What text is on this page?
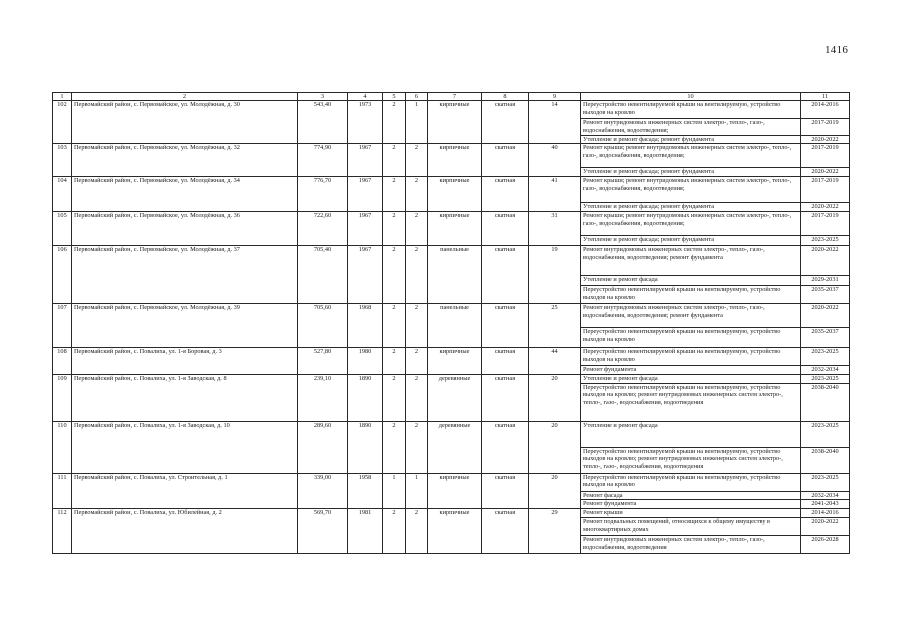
1416
1	2	3	4	5	6	7	8	9	10	11
102	Первомайский район, с. Первомайское, ул. Молодёжная, д. 30	543,40	1973	2	1	кирпичные	скатная	14	Переустройство невентилируемой крыши на вентилируемую, устройство выходов на кровлю	2014-2016
									Ремонт внутридомовых инженерных систем электро-, тепло-, газо-, водоснабжения, водоотведения;	2017-2019
									Утепление и ремонт фасада; ремонт фундамента	2020-2022
103	Первомайский район, с. Первомайское, ул. Молодёжная, д. 32	774,90	1967	2	2	кирпичные	скатная	40	Ремонт крыши; ремонт внутридомовых инженерных систем электро-, тепло-, газо-, водоснабжения, водоотведения;	2017-2019
									Утепление и ремонт фасада; ремонт фундамента	2020-2022
104	Первомайский район, с. Первомайское, ул. Молодёжная, д. 34	776,70	1967	2	2	кирпичные	скатная	41	Ремонт крыши; ремонт внутридомовых инженерных систем электро-, тепло-, газо-, водоснабжения, водоотведения;	2017-2019
									Утепление и ремонт фасада; ремонт фундамента	2020-2022
105	Первомайский район, с. Первомайское, ул. Молодёжная, д. 36	722,60	1967	2	2	кирпичные	скатная	31	Ремонт крыши; ремонт внутридомовых инженерных систем электро-, тепло-, газо-, водоснабжения, водоотведения;	2017-2019
									Утепление и ремонт фасада; ремонт фундамента	2023-2025
106	Первомайский район, с. Первомайское, ул. Молодёжная, д. 37	705,40	1967	2	2	панельные	скатная	19	Ремонт внутридомовых инженерных систем электро-, тепло-, газо-, водоснабжения, водоотведения; ремонт фундамента	2020-2022
									Утепление и ремонт фасада	2029-2031
									Переустройство невентилируемой крыши на вентилируемую, устройство выходов на кровлю	2035-2037
107	Первомайский район, с. Первомайское, ул. Молодёжная, д. 39	705,60	1968	2	2	панельные	скатная	25	Ремонт внутридомовых инженерных систем электро-, тепло-, газо-, водоснабжения, водоотведения; ремонт фундамента	2020-2022
									Переустройство невентилируемой крыши на вентилируемую, устройство выходов на кровлю	2035-2037
108	Первомайский район, с. Повалиха, ул. 1-я Боровая, д. 3	527,80	1980	2	2	кирпичные	скатная	44	Переустройство невентилируемой крыши на вентилируемую, устройство выходов на кровлю	2023-2025
									Ремонт фундамента	2032-2034
109	Первомайский район, с. Повалиха, ул. 1-я Заводская, д. 8	239,10	1890	2	2	деревянные	скатная	20	Утепление и ремонт фасада	2023-2025
									Переустройство невентилируемой крыши на вентилируемую, устройство выходов на кровлю; ремонт внутридомовых инженерных систем электро-, тепло-, газо-, водоснабжения, водоотведения	2038-2040
110	Первомайский район, с. Повалиха, ул. 1-я Заводская, д. 10	289,60	1890	2	2	деревянные	скатная	20	Утепление и ремонт фасада	2023-2025
									Переустройство невентилируемой крыши на вентилируемую, устройство выходов на кровлю; ремонт внутридомовых инженерных систем электро-, тепло-, газо-, водоснабжения, водоотведения	2038-2040
111	Первомайский район, с. Повалиха, ул. Строительная, д. 1	339,00	1958	1	1	кирпичные	скатная	20	Переустройство невентилируемой крыши на вентилируемую, устройство выходов на кровлю	2023-2025
									Ремонт фасада	2032-2034
									Ремонт фундамента	2041-2043
112	Первомайский район, с. Повалиха, ул. Юбилейная, д. 2	569,70	1981	2	2	кирпичные	скатная	29	Ремонт крыши	2014-2016
									Ремонт подвальных помещений, относящихся к общему имуществу в многоквартирных домах	2020-2022
									Ремонт внутридомовых инженерных систем электро-, тепло-, газо-, водоснабжения, водоотведения	2026-2028
